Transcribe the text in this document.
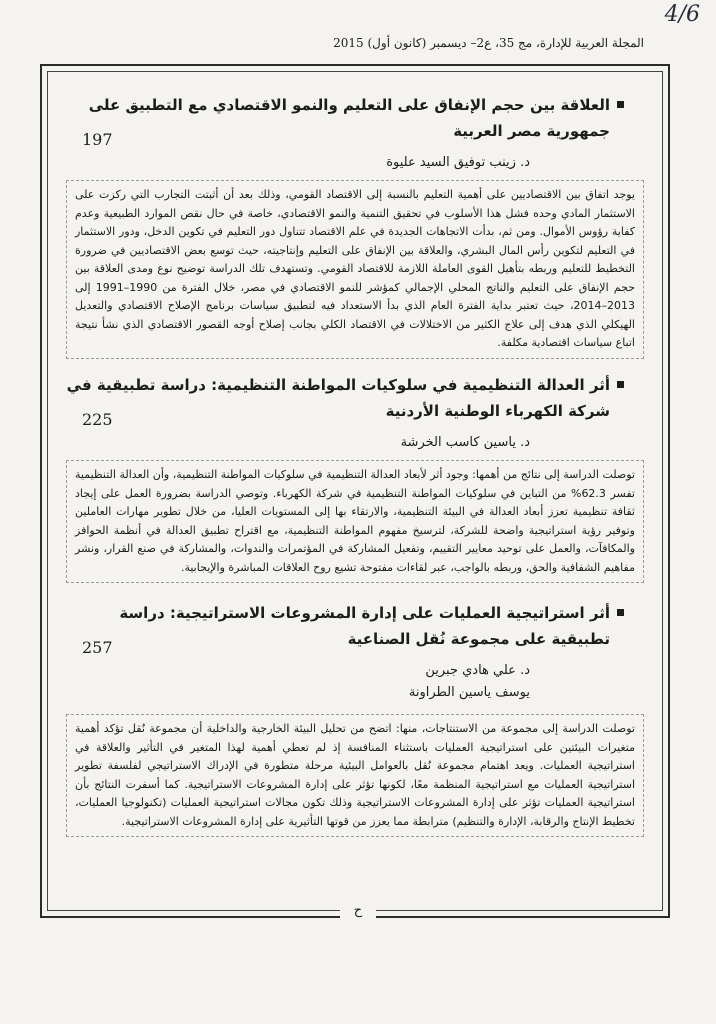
4/6
المجلة العربية للإدارة، مج 35، ع2– ديسمبر (كانون أول) 2015
العلاقة بين حجم الإنفاق على التعليم والنمو الاقتصادي مع التطبيق على جمهورية مصر العربية
197
د. زينب توفيق السيد عليوة
يوجد اتفاق بين الاقتصاديين على أهمية التعليم بالنسبة إلى الاقتصاد القومي، وذلك بعد أن أثبتت التجارب التي ركزت على الاستثمار المادي وحده فشل هذا الأسلوب في تحقيق التنمية والنمو الاقتصادي، خاصة في حال نقص الموارد الطبيعية وعدم كفاية رؤوس الأموال. ومن ثم، بدأت الاتجاهات الجديدة في علم الاقتصاد تتناول دور التعليم في تكوين الدخل، ودور الاستثمار في التعليم لتكوين رأس المال البشري، والعلاقة بين الإنفاق على التعليم وإنتاجيته، حيث توسع بعض الاقتصاديين في ضرورة التخطيط للتعليم وربطه بتأهيل القوى العاملة اللازمة للاقتصاد القومي. وتستهدف تلك الدراسة توضيح نوع ومدى العلاقة بين حجم الإنفاق على التعليم والناتج المحلي الإجمالي كمؤشر للنمو الاقتصادي في مصر، خلال الفترة من 1990–1991 إلى 2013–2014، حيث تعتبر بداية الفترة العام الذي بدأ الاستعداد فيه لتطبيق سياسات برنامج الإصلاح الاقتصادي والتعديل الهيكلي الذي هدف إلى علاج الكثير من الاختلالات في الاقتصاد الكلي بجانب إصلاح أوجه القصور الاقتصادي الذي نشأ نتيجة اتباع سياسات اقتصادية مكلفة.
أثر العدالة التنظيمية في سلوكيات المواطنة التنظيمية: دراسة تطبيقية في شركة الكهرباء الوطنية الأردنية
225
د. ياسين كاسب الخرشة
توصلت الدراسة إلى نتائج من أهمها: وجود أثر لأبعاد العدالة التنظيمية في سلوكيات المواطنة التنظيمية، وأن العدالة التنظيمية تفسر 62.3% من التباين في سلوكيات المواطنة التنظيمية في شركة الكهرباء. وتوصي الدراسة بضرورة العمل على إيجاد ثقافة تنظيمية تعزز أبعاد العدالة في البيئة التنظيمية، والارتقاء بها إلى المستويات العليا، من خلال تطوير مهارات العاملين وتوفير رؤية استراتيجية واضحة للشركة، لترسيخ مفهوم المواطنة التنظيمية، مع اقتراح تطبيق العدالة في أنظمة الحوافز والمكافآت، والعمل على توحيد معايير التقييم، وتفعيل المشاركة في المؤتمرات والندوات، والمشاركة في صنع القرار، ونشر مفاهيم الشفافية والحق، وربطه بالواجب، عبر لقاءات مفتوحة تشيع روح العلاقات المباشرة والإيجابية.
أثر استراتيجية العمليات على إدارة المشروعات الاستراتيجية: دراسة تطبيقية على مجموعة نُقل الصناعية
257
د. علي هادي جبرين
يوسف ياسين الطراونة
توصلت الدراسة إلى مجموعة من الاستنتاجات، منها: اتضح من تحليل البيئة الخارجية والداخلية أن مجموعة نُقل تؤكد أهمية متغيرات البيئتين على استراتيجية العمليات باستثناء المنافسة إذ لم تعطي أهمية لهذا المتغير في التأثير والعلاقة في استراتيجية العمليات. ويعد اهتمام مجموعة نُقل بالعوامل البيئية مرحلة متطورة في الإدراك الاستراتيجي لفلسفة تطوير استراتيجية العمليات مع استراتيجية المنظمة معًا، لكونها تؤثر على إدارة المشروعات الاستراتيجية. كما أسفرت النتائج بأن استراتيجية العمليات تؤثر على إدارة المشروعات الاستراتيجية وذلك تكون مجالات استراتيجية العمليات (تكنولوجيا العمليات، تخطيط الإنتاج والرقابة، الإدارة والتنظيم) مترابطة مما يعزز من قوتها التأثيرية على إدارة المشروعات الاستراتيجية.
ح
